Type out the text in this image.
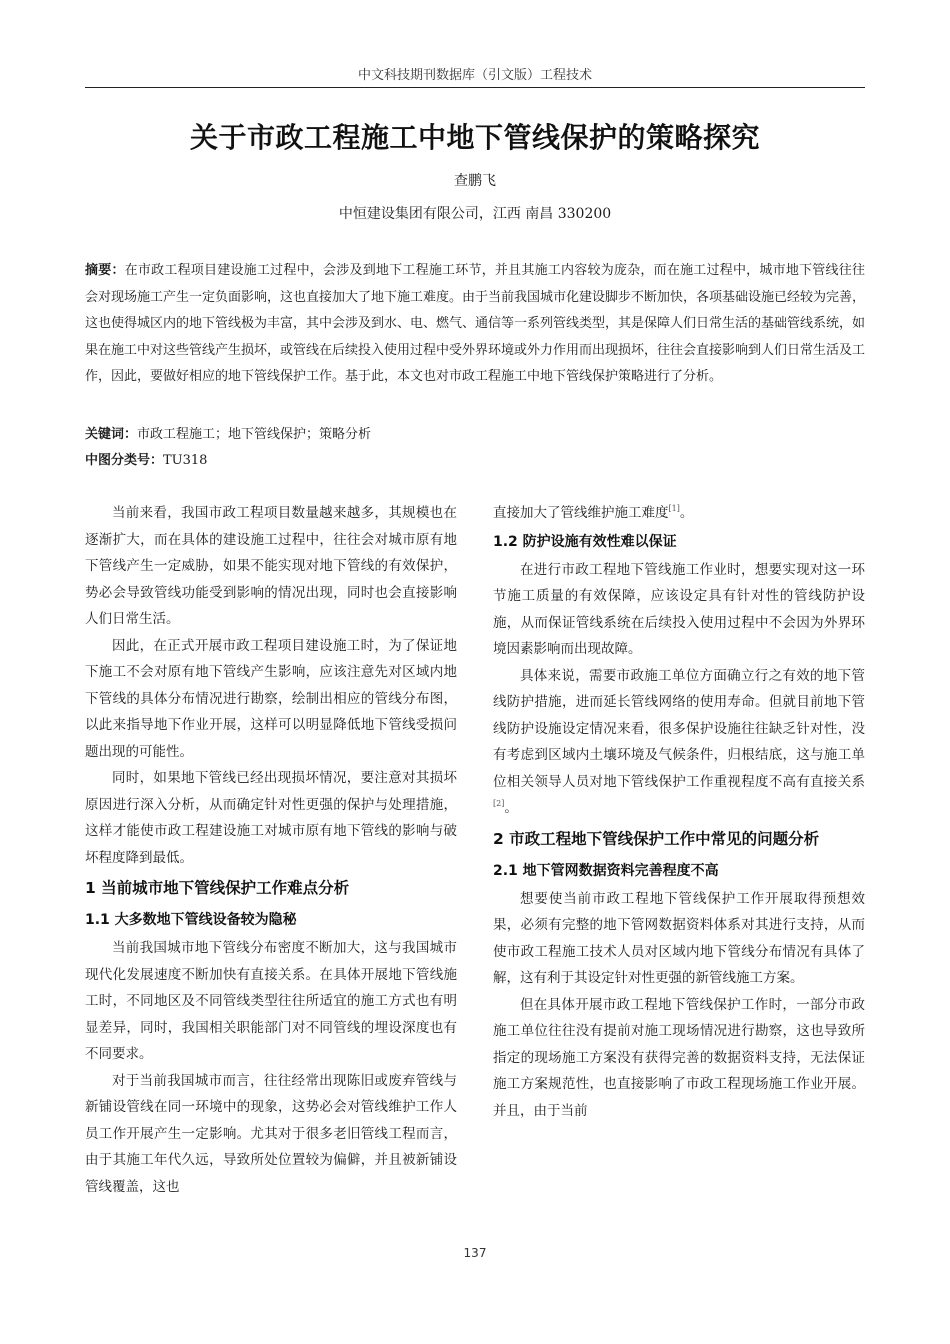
中文科技期刊数据库（引文版）工程技术
关于市政工程施工中地下管线保护的策略探究
查鹏飞
中恒建设集团有限公司，江西 南昌 330200
摘要：在市政工程项目建设施工过程中，会涉及到地下工程施工环节，并且其施工内容较为庞杂，而在施工过程中，城市地下管线往往会对现场施工产生一定负面影响，这也直接加大了地下施工难度。由于当前我国城市化建设脚步不断加快，各项基础设施已经较为完善，这也使得城区内的地下管线极为丰富，其中会涉及到水、电、燃气、通信等一系列管线类型，其是保障人们日常生活的基础管线系统，如果在施工中对这些管线产生损坏，或管线在后续投入使用过程中受外界环境或外力作用而出现损坏，往往会直接影响到人们日常生活及工作，因此，要做好相应的地下管线保护工作。基于此，本文也对市政工程施工中地下管线保护策略进行了分析。
关键词：市政工程施工；地下管线保护；策略分析
中图分类号：TU318

当前来看，我国市政工程项目数量越来越多，其规模也在逐渐扩大，而在具体的建设施工过程中，往往会对城市原有地下管线产生一定威胁，如果不能实现对地下管线的有效保护，势必会导致管线功能受到影响的情况出现，同时也会直接影响人们日常生活。

因此，在正式开展市政工程项目建设施工时，为了保证地下施工不会对原有地下管线产生影响，应该注意先对区域内地下管线的具体分布情况进行勘察，绘制出相应的管线分布图，以此来指导地下作业开展，这样可以明显降低地下管线受损问题出现的可能性。

同时，如果地下管线已经出现损坏情况，要注意对其损坏原因进行深入分析，从而确定针对性更强的保护与处理措施，这样才能使市政工程建设施工对城市原有地下管线的影响与破坏程度降到最低。

1 当前城市地下管线保护工作难点分析
1.1 大多数地下管线设备较为隐秘

当前我国城市地下管线分布密度不断加大，这与我国城市现代化发展速度不断加快有直接关系。在具体开展地下管线施工时，不同地区及不同管线类型往往所适宜的施工方式也有明显差异，同时，我国相关职能部门对不同管线的埋设深度也有不同要求。

对于当前我国城市而言，往往经常出现陈旧或废弃管线与新铺设管线在同一环境中的现象，这势必会对管线维护工作人员工作开展产生一定影响。尤其对于很多老旧管线工程而言，由于其施工年代久远，导致所处位置较为偏僻，并且被新铺设管线覆盖，这也

直接加大了管线维护施工难度[1]。

1.2 防护设施有效性难以保证

在进行市政工程地下管线施工作业时，想要实现对这一环节施工质量的有效保障，应该设定具有针对性的管线防护设施，从而保证管线系统在后续投入使用过程中不会因为外界环境因素影响而出现故障。

具体来说，需要市政施工单位方面确立行之有效的地下管线防护措施，进而延长管线网络的使用寿命。但就目前地下管线防护设施设定情况来看，很多保护设施往往缺乏针对性，没有考虑到区域内土壤环境及气候条件，归根结底，这与施工单位相关领导人员对地下管线保护工作重视程度不高有直接关系[2]。

2 市政工程地下管线保护工作中常见的问题分析
2.1 地下管网数据资料完善程度不高

想要使当前市政工程地下管线保护工作开展取得预想效果，必须有完整的地下管网数据资料体系对其进行支持，从而使市政工程施工技术人员对区域内地下管线分布情况有具体了解，这有利于其设定针对性更强的新管线施工方案。

但在具体开展市政工程地下管线保护工作时，一部分市政施工单位往往没有提前对施工现场情况进行勘察，这也导致所指定的现场施工方案没有获得完善的数据资料支持，无法保证施工方案规范性，也直接影响了市政工程现场施工作业开展。并且，由于当前

137
